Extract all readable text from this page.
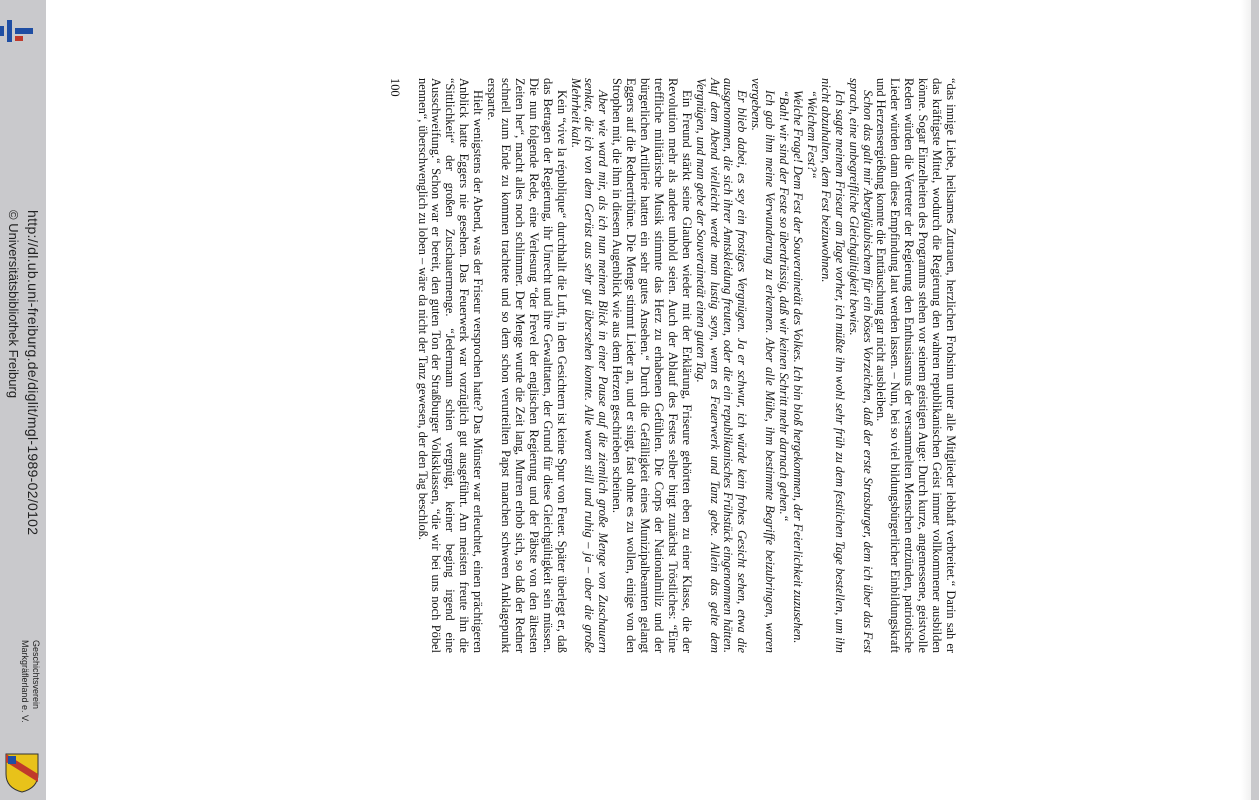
http://dl.ub.uni-freiburg.de/diglit/mgl-1989-02/0102
© Universitätsbibliothek Freiburg
Geschichtsverein
Markgräflerland e. V.

“das innige Liebe, heilsames Zutrauen, herzlichen Frohsinn unter alle Mitglieder lebhaft verbreitet.“ Darin sah er das kräftigste Mittel, wodurch die Regierung den wahren republikanischen Geist immer vollkommener ausbilden könne. Sogar Einzelheiten des Programms stehen vor seinem geistigen Auge: Durch kurze, angemessene, geistvolle Reden würden die Vertreter der Regierung den Enthusiasmus der versammelten Menschen entzünden, patriotische Lieder würden dann diese Empfindung laut werden lassen. – Nun, bei so viel bildungsbürgerlicher Einbildungskraft und Herzensergießung konnte die Enttäuschung gar nicht ausbleiben.

Schon das galt mir Abergläubischem für ein böses Vorzeichen, daß der erste Strasburger, dem ich über das Fest sprach, eine unbegreifliche Gleichgültigkeit bewies.

Ich sagte meinem Friseur am Tage vorher, ich müßte ihn wohl sehr früh zu dem festlichen Tage bestellen, um ihn nicht abzuhalten, dem Fest beizuwohnen.

“Welchem Fest?“

Welche Frage! Dem Fest der Souverainetät des Volkes. Ich bin bloß hergekommen, der Feierlichkeit zuzusehen.

“Bah! wir sind der Feste so überdrüssig, daß wir keinen Schritt mehr darnach gehen.“

Ich gab ihm meine Verwunderung zu erkennen. Aber alle Mühe, ihm bestimmte Begriffe beizubringen, waren vergebens.

Er blieb dabei, es sey ein frostiges Vergnügen. Ja er schwur, ich würde kein frohes Gesicht sehen, etwa die ausgenommen, die sich ihrer Amtskleidung freuten, oder die ein republikanisches Frühstück eingenommen hätten. Auf dem Abend vielleicht werde man lustig seyn, wenn es Feuerwerk und Tanz gebe. Allein das gelte dem Vergnügen, und man gebe der Souverainetät einen guten Tag.

Ein Freund stärkt seine Glauben wieder mit der Erklärung, Friseure gehörten eben zu einer Klasse, die der Revolution mehr als andere unhold seien. Auch der Ablauf des Festes selber birgt zunächst Tröstliches: “Eine treffliche militärische Musik stimmte das Herz zu erhabenen Gefühlen. Die Corps der Nationalmiliz und der bürgerlichen Artillerie hatten ein sehr gutes Ansehen.“ Durch die Gefälligkeit eines Munizipalbeamten gelangt Eggers auf die Rednertribüne. Die Menge stimmt Lieder an, und er singt, fast ohne es zu wollen, einige von den Strophen mit, die ihm in diesem Augenblick wie aus dem Herzen geschrieben scheinen.

Aber wie ward mir, als ich nun meinen Blick in einer Pause auf die ziemlich große Menge von Zuschauern senkte, die ich von dem Gerüst aus sehr gut übersehen konnte. Alle waren still und ruhig – ja – aber die große Mehrheit kalt.

Kein “vive la république“ durchhallt die Luft, in den Gesichtern ist keine Spur von Feuer. Später überlegt er, daß das Betragen der Regierung, ihr Unrecht und ihre Gewalttaten, der Grund für diese Gleichgültigkeit sein müssen. Die nun folgende Rede, eine Verlesung “der Frevel der englischen Regierung und der Päbste von den ältesten Zeiten her“, macht alles noch schlimmer. Der Menge wurde die Zeit lang, Murren erhob sich, so daß der Redner schnell zum Ende zu kommen trachtete und so dem schon verurteilten Papst manchen schweren Anklagepunkt ersparte.

Hielt wenigstens der Abend, was der Friseur versprochen hatte? Das Münster war erleuchtet, einen prächtigeren Anblick hatte Eggers nie gesehen. Das Feuerwerk war vorzüglich gut ausgeführt. Am meisten freute ihn die “Sittlichkeit“ der großen Zuschauermenge. “Jedermann schien vergnügt, keiner beging irgend eine Ausschweifung.“ Schon war er bereit, den guten Ton der Straßburger Volksklassen, “die wir bei uns noch Pöbel nennen“, überschwenglich zu loben – wäre da nicht der Tanz gewesen, der den Tag beschloß.

100
